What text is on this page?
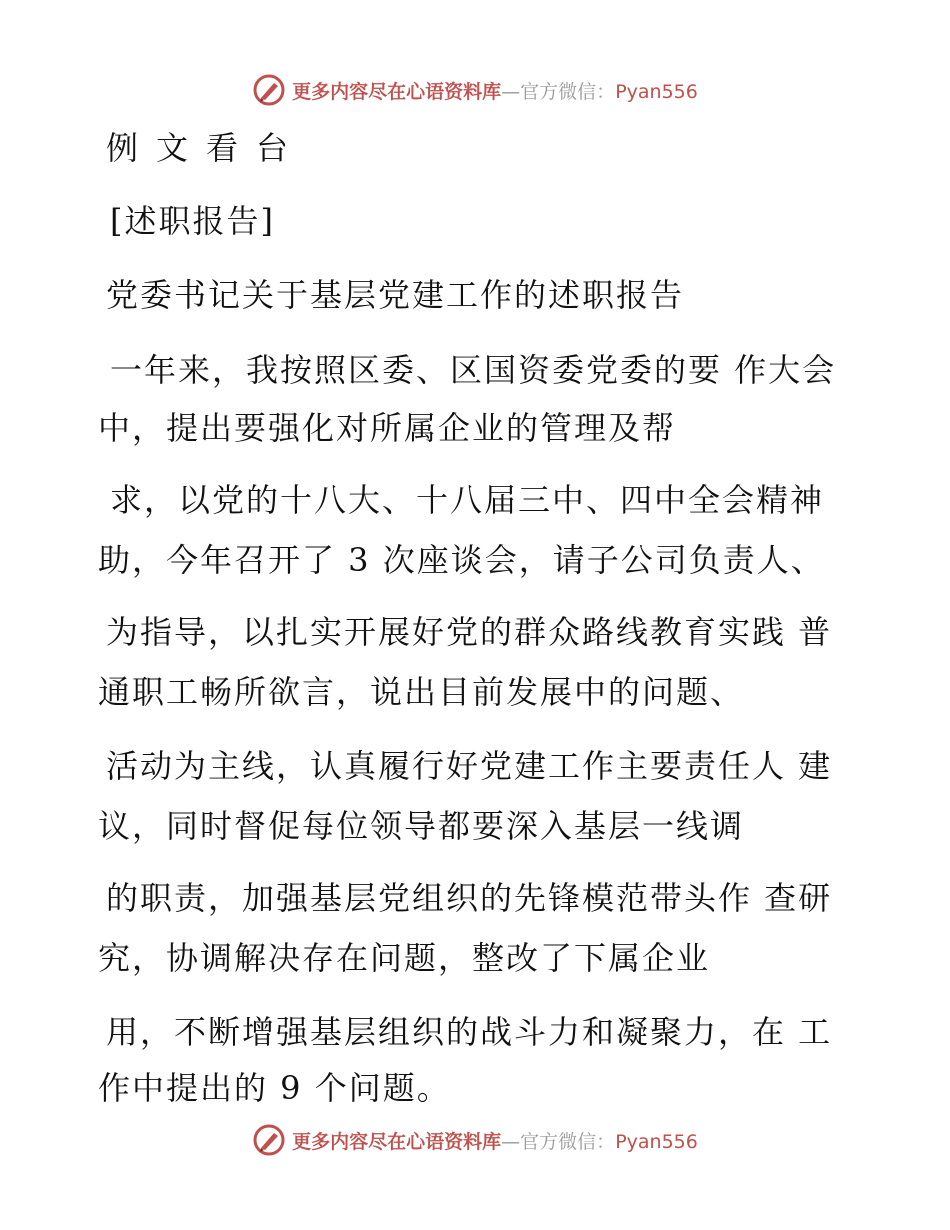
更多内容尽在心语资料库—官方微信：Pyan556
例文看台
[述职报告]
党委书记关于基层党建工作的述职报告
一年来，我按照区委、区国资委党委的要 作大会
中，提出要强化对所属企业的管理及帮
求，以党的十八大、十八届三中、四中全会精神
助，今年召开了 3 次座谈会，请子公司负责人、
为指导，以扎实开展好党的群众路线教育实践 普
通职工畅所欲言，说出目前发展中的问题、
活动为主线，认真履行好党建工作主要责任人 建
议，同时督促每位领导都要深入基层一线调
的职责，加强基层党组织的先锋模范带头作 查研
究，协调解决存在问题，整改了下属企业
用，不断增强基层组织的战斗力和凝聚力，在 工
作中提出的 9 个问题。
更多内容尽在心语资料库—官方微信：Pyan556
